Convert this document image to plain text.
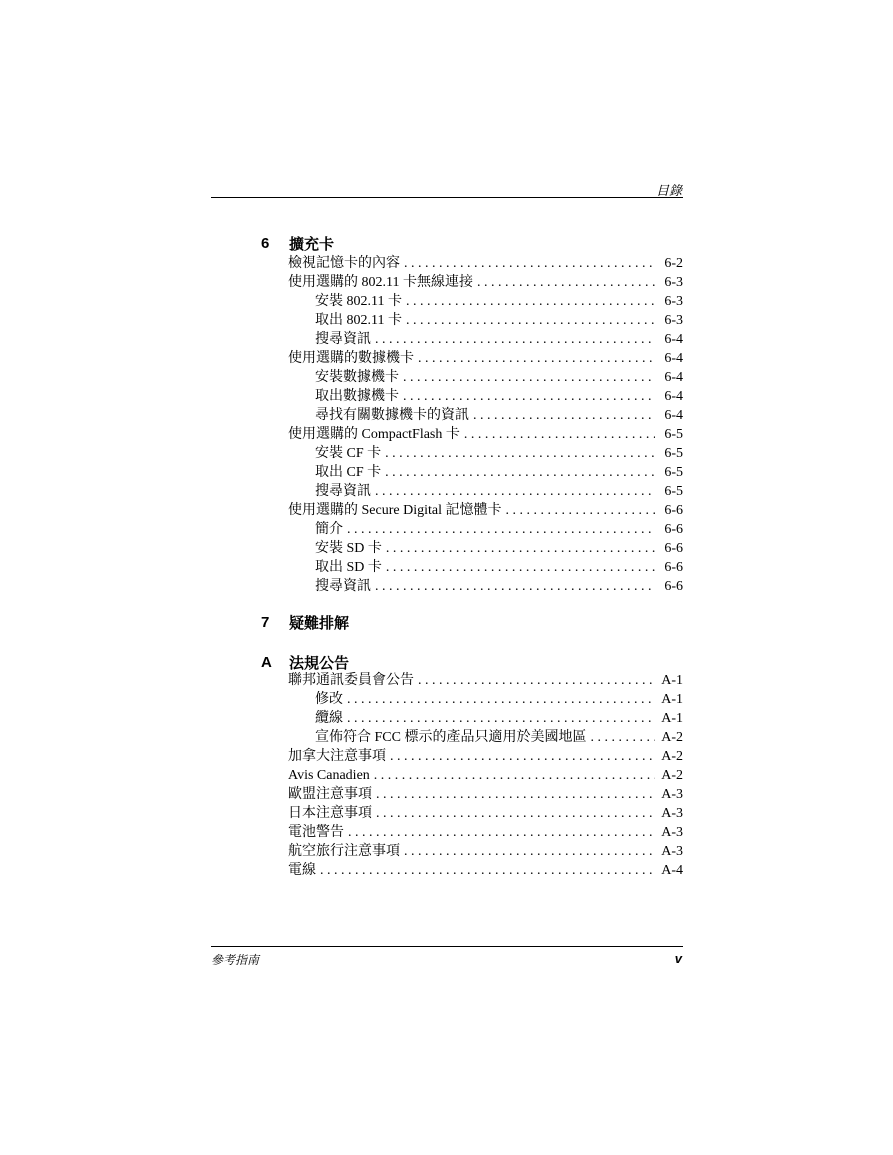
目錄
6	擴充卡
檢視記憶卡的內容 . . .	6-2
使用選購的 802.11 卡無線連接 . . .	6-3
安裝 802.11 卡 . . .	6-3
取出 802.11 卡 . . .	6-3
搜尋資訊 . . .	6-4
使用選購的數據機卡 . . .	6-4
安裝數據機卡 . . .	6-4
取出數據機卡 . . .	6-4
尋找有關數據機卡的資訊 . . .	6-4
使用選購的 CompactFlash 卡 . . .	6-5
安裝 CF 卡 . . .	6-5
取出 CF 卡 . . .	6-5
搜尋資訊 . . .	6-5
使用選購的 Secure Digital 記憶體卡 . . .	6-6
簡介 . . .	6-6
安裝 SD 卡 . . .	6-6
取出 SD 卡 . . .	6-6
搜尋資訊 . . .	6-6
7	疑難排解
A	法規公告
聯邦通訊委員會公告 . . .	A-1
修改 . . .	A-1
纜線 . . .	A-1
宣佈符合 FCC 標示的產品只適用於美國地區 . . .	A-2
加拿大注意事項 . . .	A-2
Avis Canadien . . .	A-2
歐盟注意事項 . . .	A-3
日本注意事項 . . .	A-3
電池警告 . . .	A-3
航空旅行注意事項 . . .	A-3
電線 . . .	A-4
參考指南	v
